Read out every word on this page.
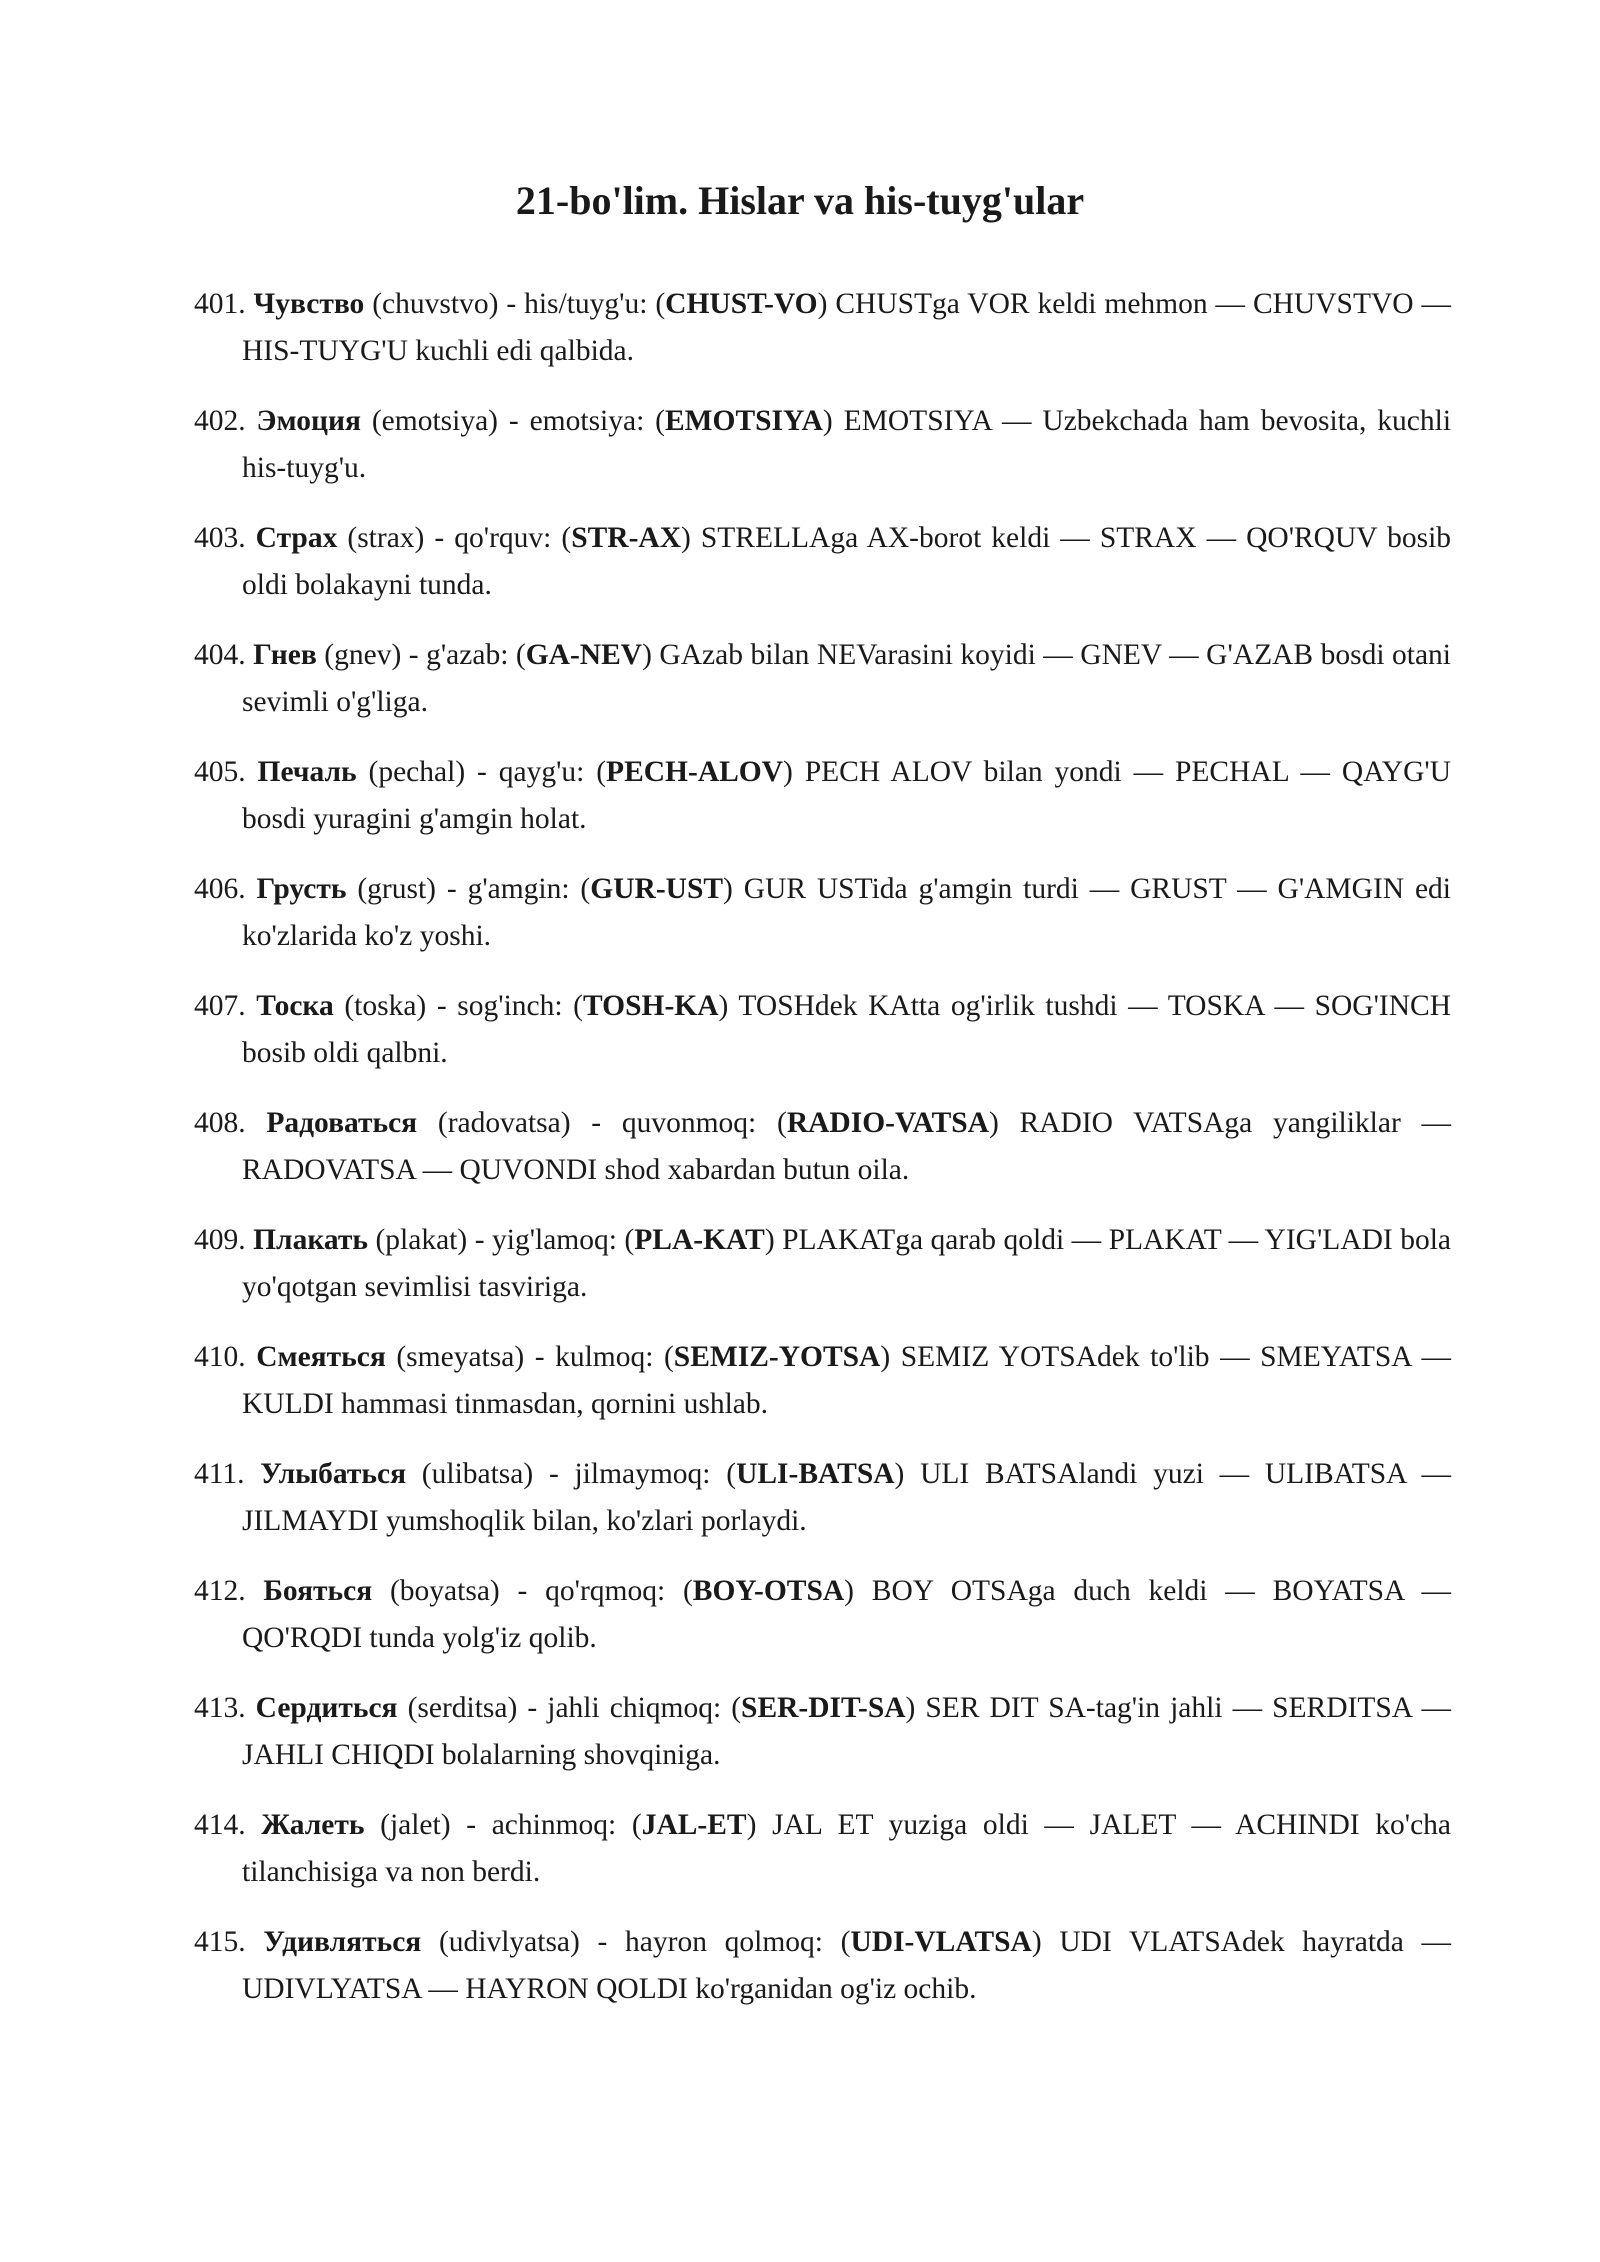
21-bo'lim. Hislar va his-tuyg'ular
401. Чувство (chuvstvo) - his/tuyg'u: (CHUST-VO) CHUSTga VOR keldi mehmon — CHUVSTVO — HIS-TUYG'U kuchli edi qalbida.
402. Эмоция (emotsiya) - emotsiya: (EMOTSIYA) EMOTSIYA — Uzbekchada ham bevosita, kuchli his-tuyg'u.
403. Страх (strax) - qo'rquv: (STR-AX) STRELLAga AX-borot keldi — STRAX — QO'RQUV bosib oldi bolakayni tunda.
404. Гнев (gnev) - g'azab: (GA-NEV) GAzab bilan NEVarasini koyidi — GNEV — G'AZAB bosdi otani sevimli o'g'liga.
405. Печаль (pechal) - qayg'u: (PECH-ALOV) PECH ALOV bilan yondi — PECHAL — QAYG'U bosdi yuragini g'amgin holat.
406. Грусть (grust) - g'amgin: (GUR-UST) GUR USTida g'amgin turdi — GRUST — G'AMGIN edi ko'zlarida ko'z yoshi.
407. Тоска (toska) - sog'inch: (TOSH-KA) TOSHdek KAtta og'irlik tushdi — TOSKA — SOG'INCH bosib oldi qalbni.
408. Радоваться (radovatsa) - quvonmoq: (RADIO-VATSA) RADIO VATSAga yangiliklar — RADOVATSA — QUVONDI shod xabardan butun oila.
409. Плакать (plakat) - yig'lamoq: (PLA-KAT) PLAKATga qarab qoldi — PLAKAT — YIG'LADI bola yo'qotgan sevimlisi tasviriga.
410. Смеяться (smeyatsa) - kulmoq: (SEMIZ-YOTSA) SEMIZ YOTSAdek to'lib — SMEYATSA — KULDI hammasi tinmasdan, qornini ushlab.
411. Улыбаться (ulibatsa) - jilmaymoq: (ULI-BATSA) ULI BATSAlandi yuzi — ULIBATSA — JILMAYDI yumshoqlik bilan, ko'zlari porlaydi.
412. Бояться (boyatsa) - qo'rqmoq: (BOY-OTSA) BOY OTSAga duch keldi — BOYATSA — QO'RQDI tunda yolg'iz qolib.
413. Сердиться (serditsa) - jahli chiqmoq: (SER-DIT-SA) SER DIT SA-tag'in jahli — SERDITSA — JAHLI CHIQDI bolalarning shovqiniga.
414. Жалеть (jalet) - achinmoq: (JAL-ET) JAL ET yuziga oldi — JALET — ACHINDI ko'cha tilanchisiga va non berdi.
415. Удивляться (udivlyatsa) - hayron qolmoq: (UDI-VLATSA) UDI VLATSAdek hayratda — UDIVLYATSA — HAYRON QOLDI ko'rganidan og'iz ochib.
